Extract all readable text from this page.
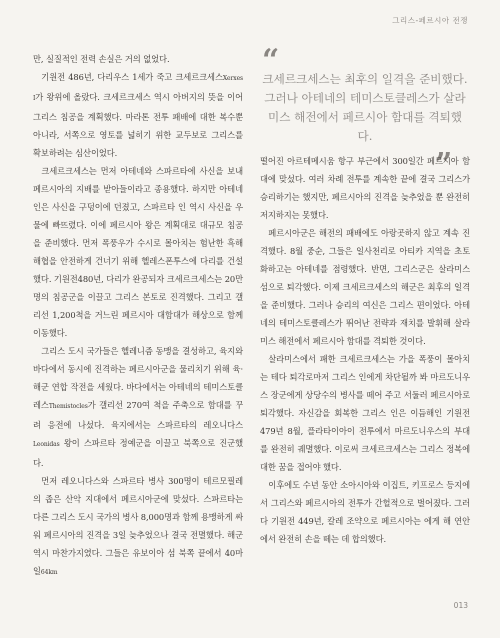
그리스-페르시아 전쟁
“
크세르크세스는 최후의 일격을 준비했다. 그러나 아테네의 테미스토클레스가 살라미스 해전에서 페르시아 함대를 격퇴했다.
”

만, 실질적인 전력 손실은 거의 없었다.

기원전 486년, 다리우스 1세가 죽고 크세르크세스Xerxes I가 왕위에 올랐다. 크세르크세스 역시 아버지의 뜻을 이어 그리스 침공을 계획했다. 마라톤 전투 패배에 대한 복수뿐 아니라, 서쪽으로 영토를 넓히기 위한 교두보로 그리스를 확보하려는 심산이었다.

크세르크세스는 먼저 아테네와 스파르타에 사신을 보내 페르시아의 지배를 받아들이라고 종용했다. 하지만 아테네 인은 사신을 구덩이에 던졌고, 스파르타 인 역시 사신을 우물에 빠뜨렸다. 이에 페르시아 왕은 계획대로 대규모 침공을 준비했다. 먼저 폭풍우가 수시로 몰아치는 험난한 흑해 해협을 안전하게 건너기 위해 헬레스폰투스에 다리를 건설했다. 기원전480년, 다리가 완공되자 크세르크세스는 20만 명의 침공군을 이끌고 그리스 본토로 진격했다. 그리고 갤리선 1,200척을 거느린 페르시아 대함대가 해상으로 함께 이동했다.

그리스 도시 국가들은 헬레니즘 동맹을 결성하고, 육지와 바다에서 동시에 진격하는 페르시아군을 물리치기 위해 육·해군 연합 작전을 세웠다. 바다에서는 아테네의 테미스토클레스Themistocles가 갤리선 270여 척을 주축으로 함대를 꾸려 응전에 나섰다. 육지에서는 스파르타의 레오니다스Leonidas 왕이 스파르타 정예군을 이끌고 북쪽으로 진군했다.

먼저 레오니다스와 스파르타 병사 300명이 테르모필레의 좁은 산악 지대에서 페르시아군에 맞섰다. 스파르타는 다른 그리스 도시 국가의 병사 8,000명과 함께 용맹하게 싸워 페르시아의 진격을 3일 늦추었으나 결국 전멸했다. 해군 역시 마찬가지였다. 그들은 유보이아 섬 북쪽 끝에서 40마일64km

떨어진 아르테메시움 항구 부근에서 300일간 페르시아 함대에 맞섰다. 여러 차례 전투를 계속한 끝에 결국 그리스가 승리하기는 했지만, 페르시아의 진격을 늦추었을 뿐 완전히 저지하지는 못했다.

페르시아군은 해전의 패배에도 아랑곳하지 않고 계속 진격했다. 8월 중순, 그들은 일사천리로 아티카 지역을 초토화하고는 아테네를 점령했다. 반면, 그리스군은 살라미스 섬으로 퇴각했다. 이제 크세르크세스의 해군은 최후의 일격을 준비했다. 그러나 승리의 여신은 그리스 편이었다. 아테네의 테미스토클레스가 뛰어난 전략과 재치를 발휘해 살라미스 해전에서 페르시아 함대를 격퇴한 것이다.

살라미스에서 패한 크세르크세스는 가을 폭풍이 몰아치는 테다 퇴각로마저 그리스 인에게 차단될까 봐 마르도니우스 장군에게 상당수의 병사를 떼어 주고 서둘러 페르시아로 퇴각했다. 자신감을 회복한 그리스 인은 이듬해인 기원전 479년 8월, 플라타이아이 전투에서 마르도니우스의 부대를 완전히 궤멸했다. 이로써 크세르크세스는 그리스 정복에 대한 꿈을 접어야 했다.

이후에도 수년 동안 소아시아와 이집트, 키프로스 등지에서 그리스와 페르시아의 전투가 간헐적으로 벌어졌다. 그러다 기원전 449년, 칼레 조약으로 페르시아는 에게 해 연안에서 완전히 손을 떼는 데 합의했다.

013
